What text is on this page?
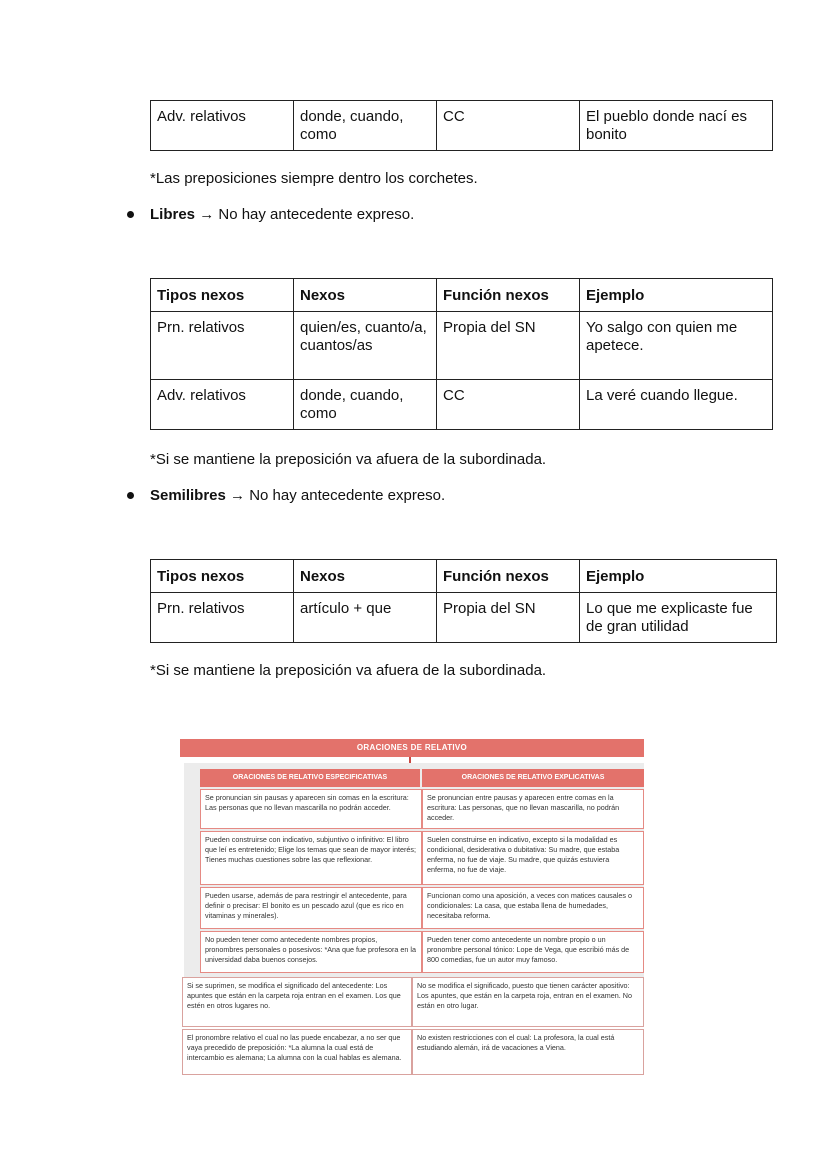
Adv. relativos	donde, cuando, como	CC	El pueblo donde nací es bonito
*Las preposiciones siempre dentro los corchetes.
Libres → No hay antecedente expreso.
Tipos nexos	Nexos	Función nexos	Ejemplo
Prn. relativos	quien/es, cuanto/a, cuantos/as	Propia del SN	Yo salgo con quien me apetece.
Adv. relativos	donde, cuando, como	CC	La veré cuando llegue.
*Si se mantiene la preposición va afuera de la subordinada.
Semilibres → No hay antecedente expreso.
Tipos nexos	Nexos	Función nexos	Ejemplo
Prn. relativos	artículo + que	Propia del SN	Lo que me explicaste fue de gran utilidad
*Si se mantiene la preposición va afuera de la subordinada.
ORACIONES DE RELATIVO
ORACIONES DE RELATIVO ESPECIFICATIVAS	ORACIONES DE RELATIVO EXPLICATIVAS
Se pronuncian sin pausas y aparecen sin comas en la escritura: Las personas que no llevan mascarilla no podrán acceder.
Se pronuncian entre pausas y aparecen entre comas en la escritura: Las personas, que no llevan mascarilla, no podrán acceder.
Pueden construirse con indicativo, subjuntivo o infinitivo: El libro que leí es entretenido; Elige los temas que sean de mayor interés; Tienes muchas cuestiones sobre las que reflexionar.
Suelen construirse en indicativo, excepto si la modalidad es condicional, desiderativa o dubitativa: Su madre, que estaba enferma, no fue de viaje. Su madre, que quizás estuviera enferma, no fue de viaje.
Pueden usarse, además de para restringir el antecedente, para definir o precisar: El bonito es un pescado azul (que es rico en vitaminas y minerales).
Funcionan como una aposición, a veces con matices causales o condicionales: La casa, que estaba llena de humedades, necesitaba reforma.
No pueden tener como antecedente nombres propios, pronombres personales o posesivos: *Ana que fue profesora en la universidad daba buenos consejos.
Pueden tener como antecedente un nombre propio o un pronombre personal tónico: Lope de Vega, que escribió más de 800 comedias, fue un autor muy famoso.
Si se suprimen, se modifica el significado del antecedente: Los apuntes que están en la carpeta roja entran en el examen. Los que estén en otros lugares no.
No se modifica el significado, puesto que tienen carácter apositivo: Los apuntes, que están en la carpeta roja, entran en el examen. No están en otro lugar.
El pronombre relativo el cual no las puede encabezar, a no ser que vaya precedido de preposición: *La alumna la cual está de intercambio es alemana; La alumna con la cual hablas es alemana.
No existen restricciones con el cual: La profesora, la cual está estudiando alemán, irá de vacaciones a Viena.
